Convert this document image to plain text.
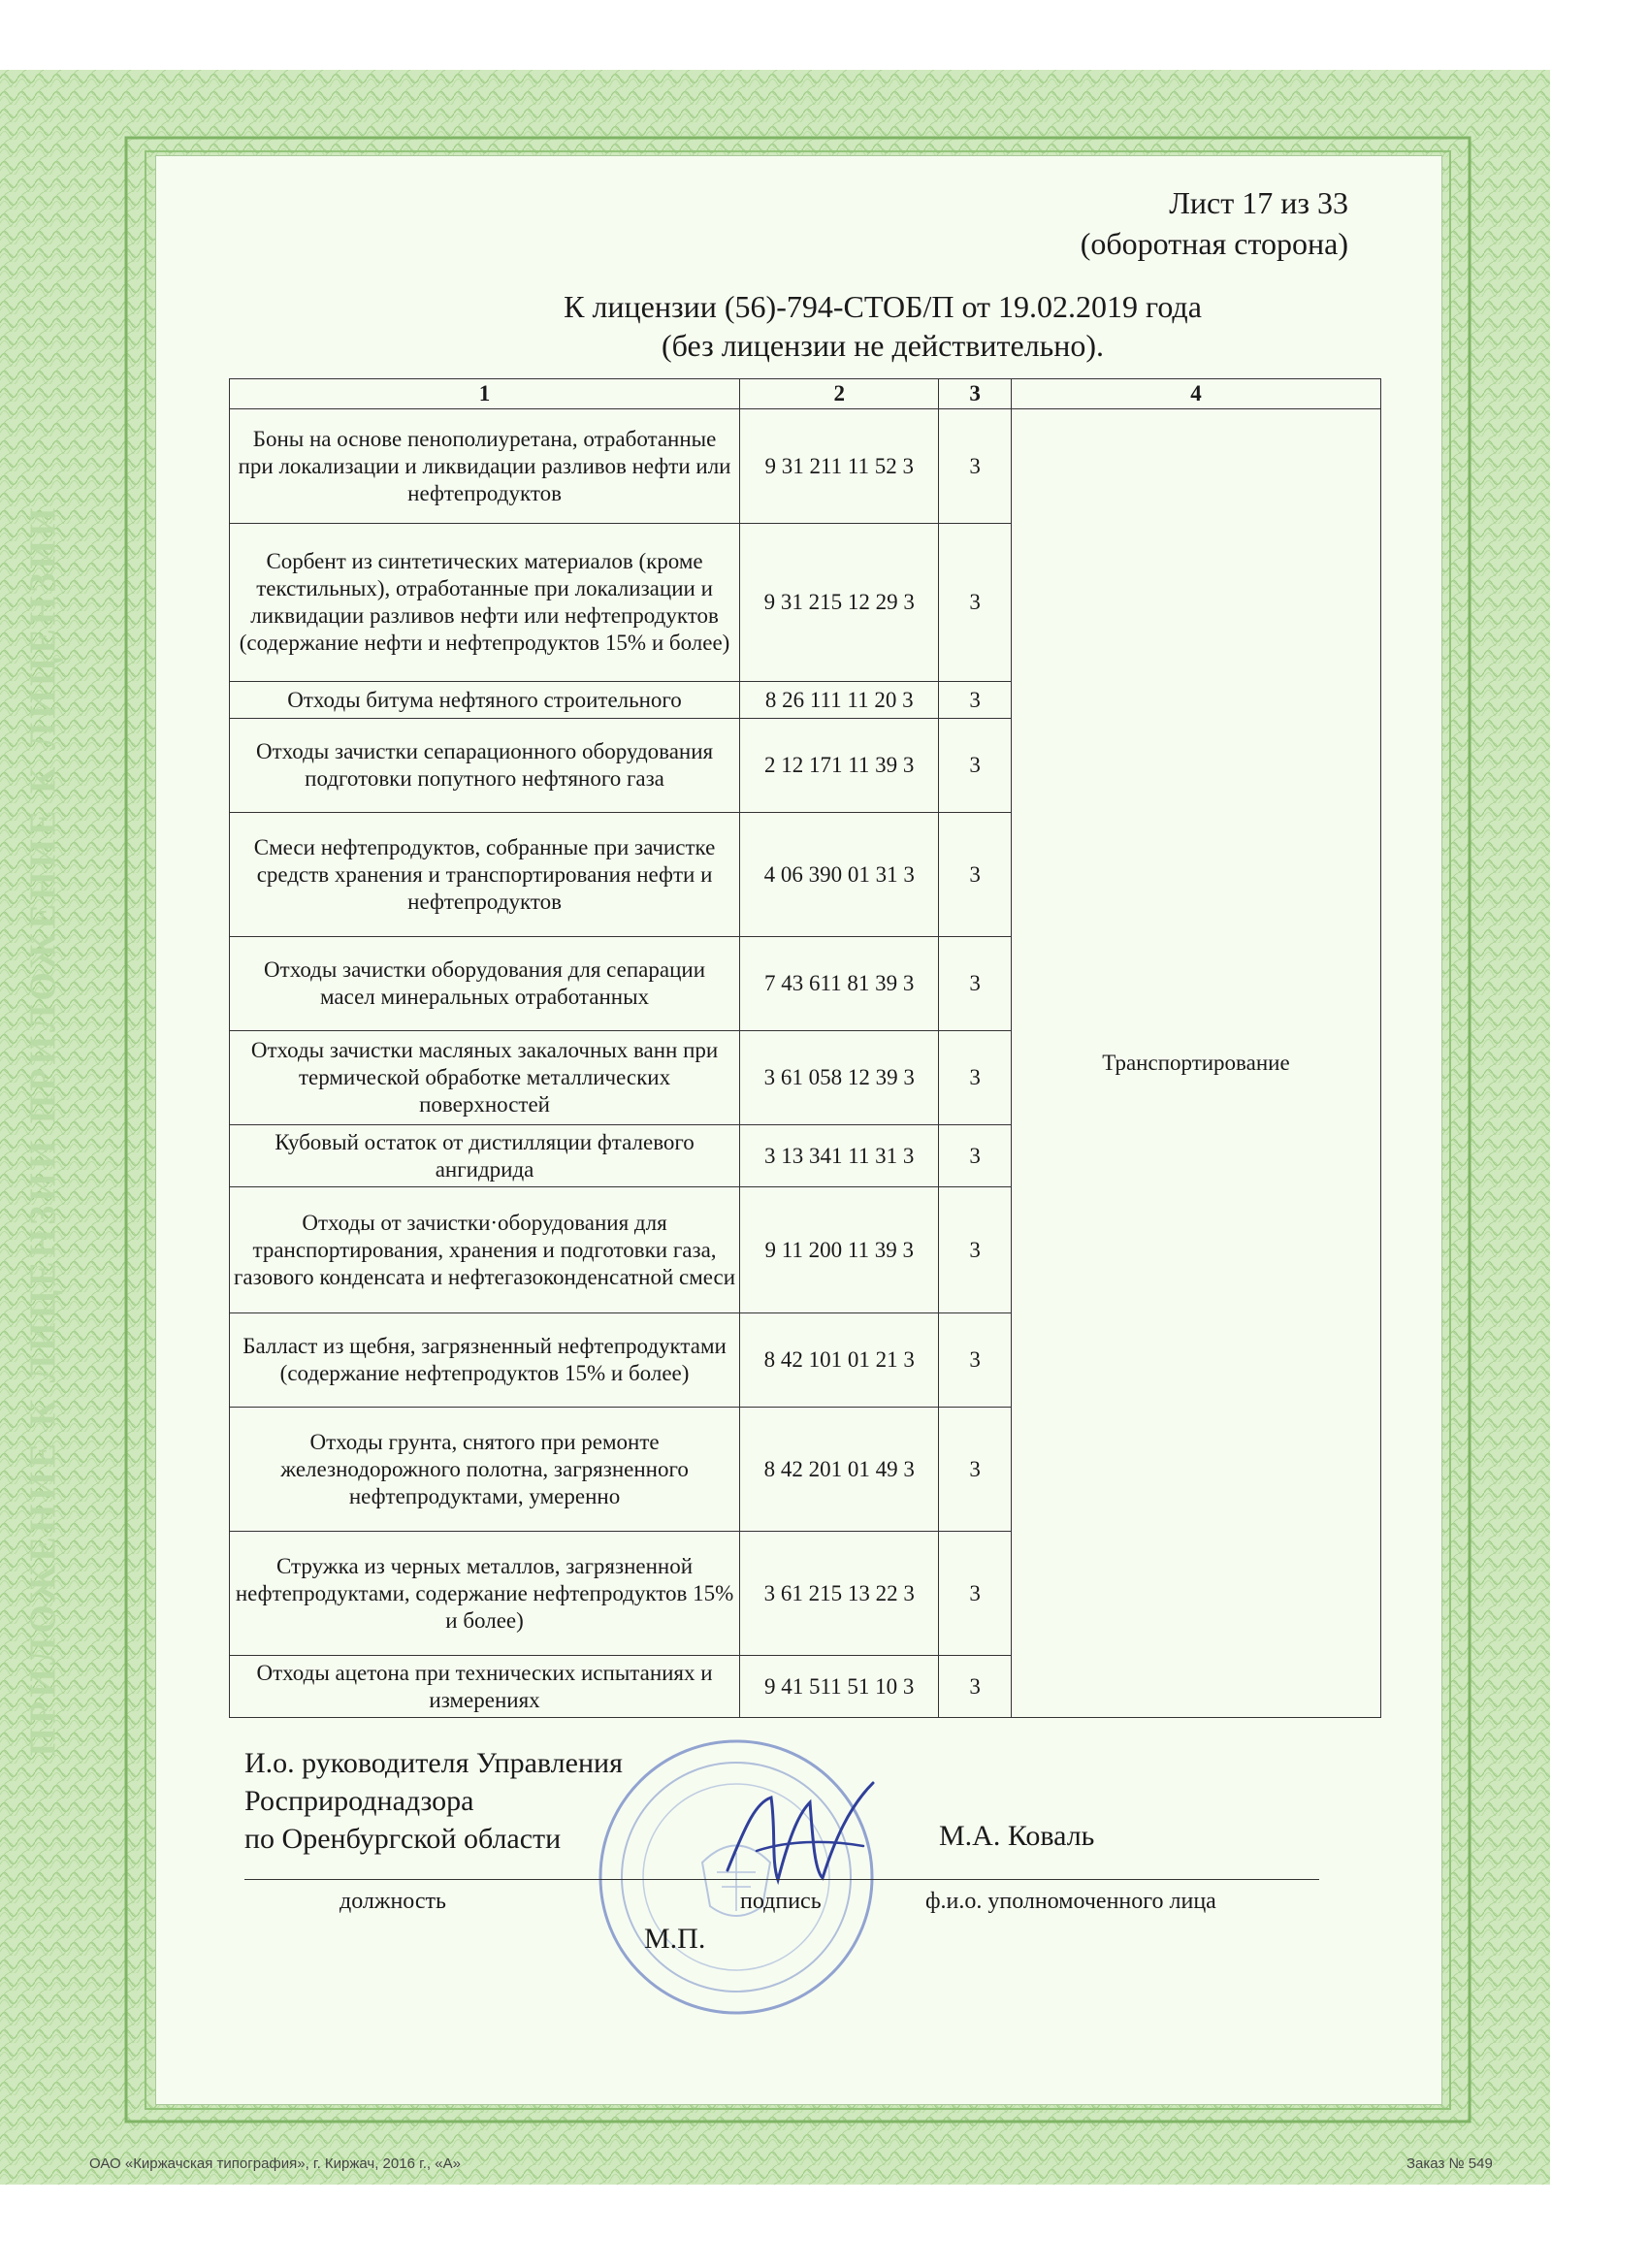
ПРИЛОЖЕНИЕ К ЛИЦЕНЗИИ ПРИЛОЖЕНИЕ К ЛИЦЕНЗИИ
Лист 17 из 33
(оборотная сторона)
К лицензии (56)-794-СТОБ/П от 19.02.2019 года
(без лицензии не действительно).
1	2	3	4
Боны на основе пенополиуретана, отработанные при локализации и ликвидации разливов нефти или нефтепродуктов	9 31 211 11 52 3	3	Транспортирование
Сорбент из синтетических материалов (кроме текстильных), отработанные при локализации и ликвидации разливов нефти или нефтепродуктов (содержание нефти и нефтепродуктов 15% и более)	9 31 215 12 29 3	3	
Отходы битума нефтяного строительного	8 26 111 11 20 3	3	
Отходы зачистки сепарационного оборудования подготовки попутного нефтяного газа	2 12 171 11 39 3	3	
Смеси нефтепродуктов, собранные при зачистке средств хранения и транспортирования нефти и нефтепродуктов	4 06 390 01 31 3	3	
Отходы зачистки оборудования для сепарации масел минеральных отработанных	7 43 611 81 39 3	3	
Отходы зачистки масляных закалочных ванн при термической обработке металлических поверхностей	3 61 058 12 39 3	3	
Кубовый остаток от дистилляции фталевого ангидрида	3 13 341 11 31 3	3	
Отходы от зачистки·оборудования для транспортирования, хранения и подготовки газа, газового конденсата и нефтегазоконденсатной смеси	9 11 200 11 39 3	3	
Балласт из щебня, загрязненный нефтепродуктами (содержание нефтепродуктов 15% и более)	8 42 101 01 21 3	3	
Отходы грунта, снятого при ремонте железнодорожного полотна, загрязненного нефтепродуктами, умеренно	8 42 201 01 49 3	3	
Стружка из черных металлов, загрязненной нефтепродуктами, содержание нефтепродуктов 15% и более)	3 61 215 13 22 3	3	
Отходы ацетона при технических испытаниях и измерениях	9 41 511 51 10 3	3	
И.о. руководителя Управления
Росприроднадзора
по Оренбургской области	М.А. Коваль
должность	подпись	ф.и.о. уполномоченного лица
М.П.
ОАО «Киржачская типография», г. Киржач, 2016 г., «А»	Заказ № 549
